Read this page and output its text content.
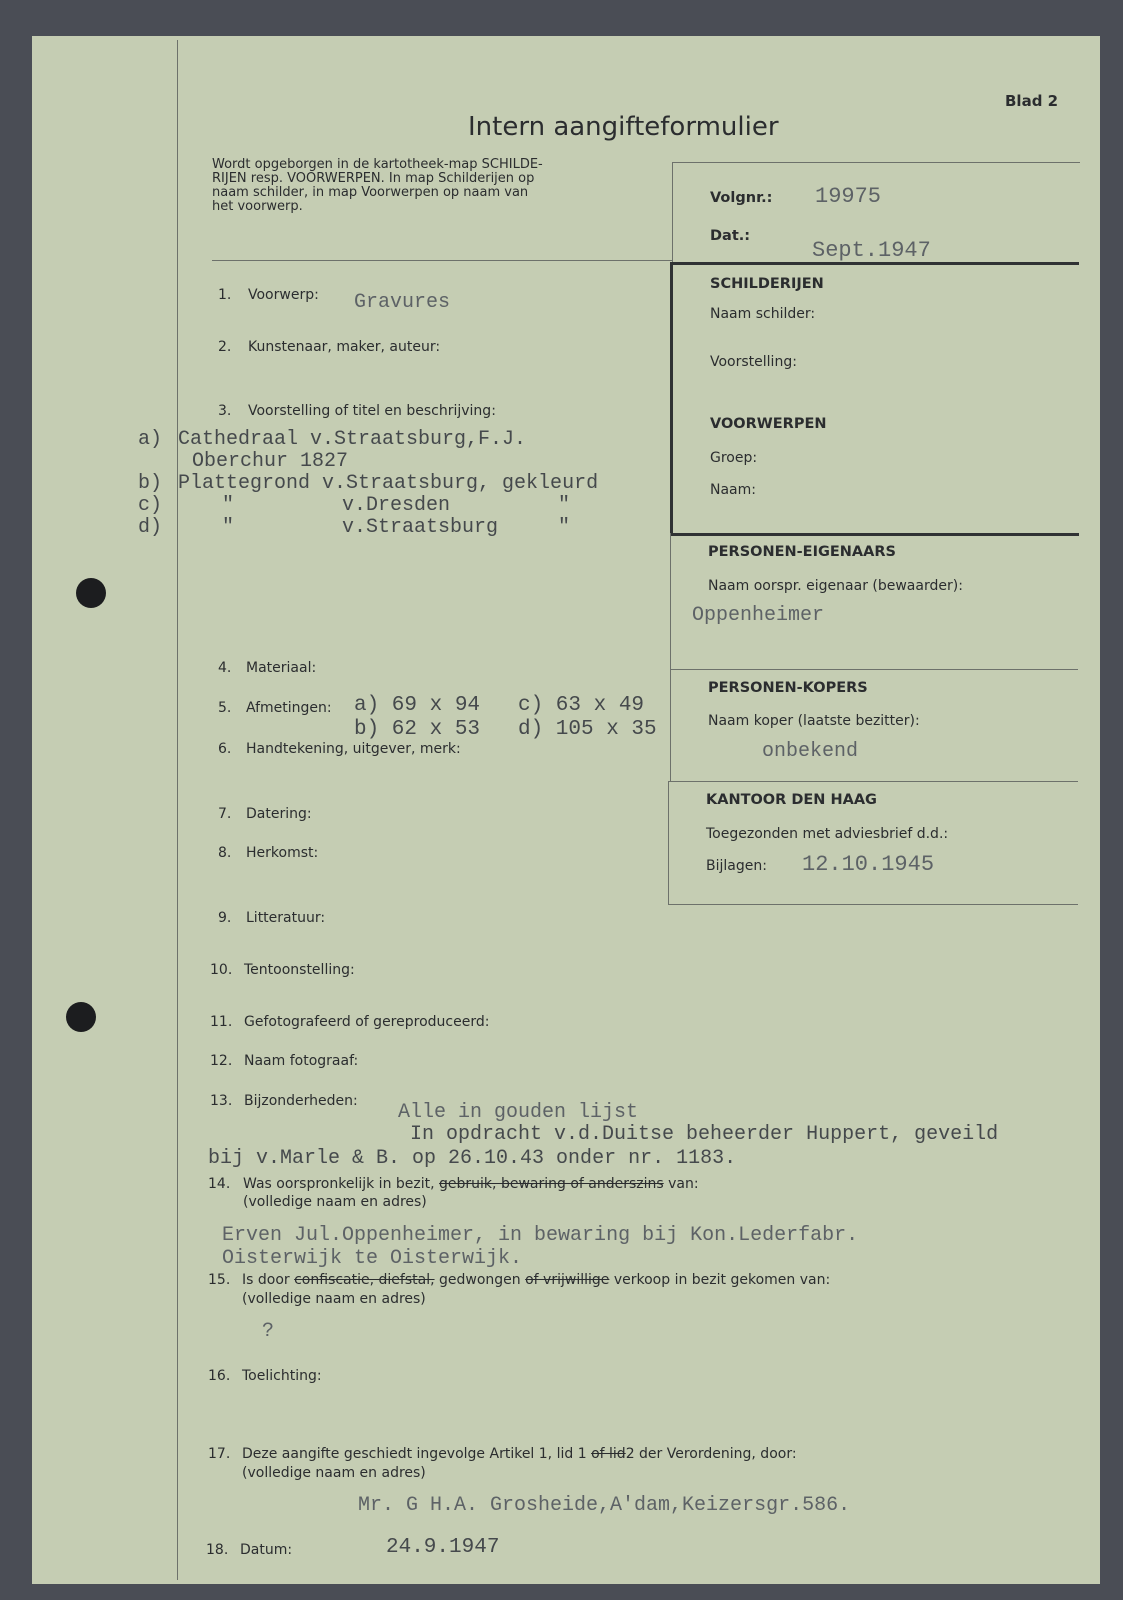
Blad 2
Intern aangifteformulier
Wordt opgeborgen in de kartotheek-map SCHILDE-
RIJEN resp. VOORWERPEN. In map Schilderijen op
naam schilder, in map Voorwerpen op naam van
het voorwerp.
Volgnr.: 19975
Dat.:
Sept.1947
SCHILDERIJEN
Naam schilder:
Voorstelling:
VOORWERPEN
Groep:
Naam:
PERSONEN-EIGENAARS
Naam oorspr. eigenaar (bewaarder):
Oppenheimer
PERSONEN-KOPERS
Naam koper (laatste bezitter):
onbekend
KANTOOR DEN HAAG
Toegezonden met adviesbrief d.d.:
Bijlagen: 12.10.1945
1. Voorwerp: Gravures
2. Kunstenaar, maker, auteur:
3. Voorstelling of titel en beschrijving:
a) Cathedraal v.Straatsburg,F.J.
Oberchur 1827
b) Plattegrond v.Straatsburg, gekleurd
c)	"         v.Dresden         "
d)	"         v.Straatsburg     "
4. Materiaal:
5. Afmetingen: a) 69 x 94 c) 63 x 49
b) 62 x 53 d) 105 x 35
6. Handtekening, uitgever, merk:
7. Datering:
8. Herkomst:
9. Litteratuur:
10. Tentoonstelling:
11. Gefotografeerd of gereproduceerd:
12. Naam fotograaf:
13. Bijzonderheden: Alle in gouden lijst
In opdracht v.d.Duitse beheerder Huppert, geveild
bij v.Marle & B. op 26.10.43 onder nr. 1183.
14. Was oorspronkelijk in bezit, gebruik, bewaring of anderszins van:
(volledige naam en adres)
Erven Jul.Oppenheimer, in bewaring bij Kon.Lederfabr.
Oisterwijk te Oisterwijk.
15. Is door confiscatie, diefstal, gedwongen of vrijwillige verkoop in bezit gekomen van:
(volledige naam en adres)
?
16. Toelichting:
17. Deze aangifte geschiedt ingevolge Artikel 1, lid 1 of lid2 der Verordening, door:
(volledige naam en adres)
Mr. G H.A. Grosheide,A'dam,Keizersgr.586.
18. Datum:	24.9.1947
